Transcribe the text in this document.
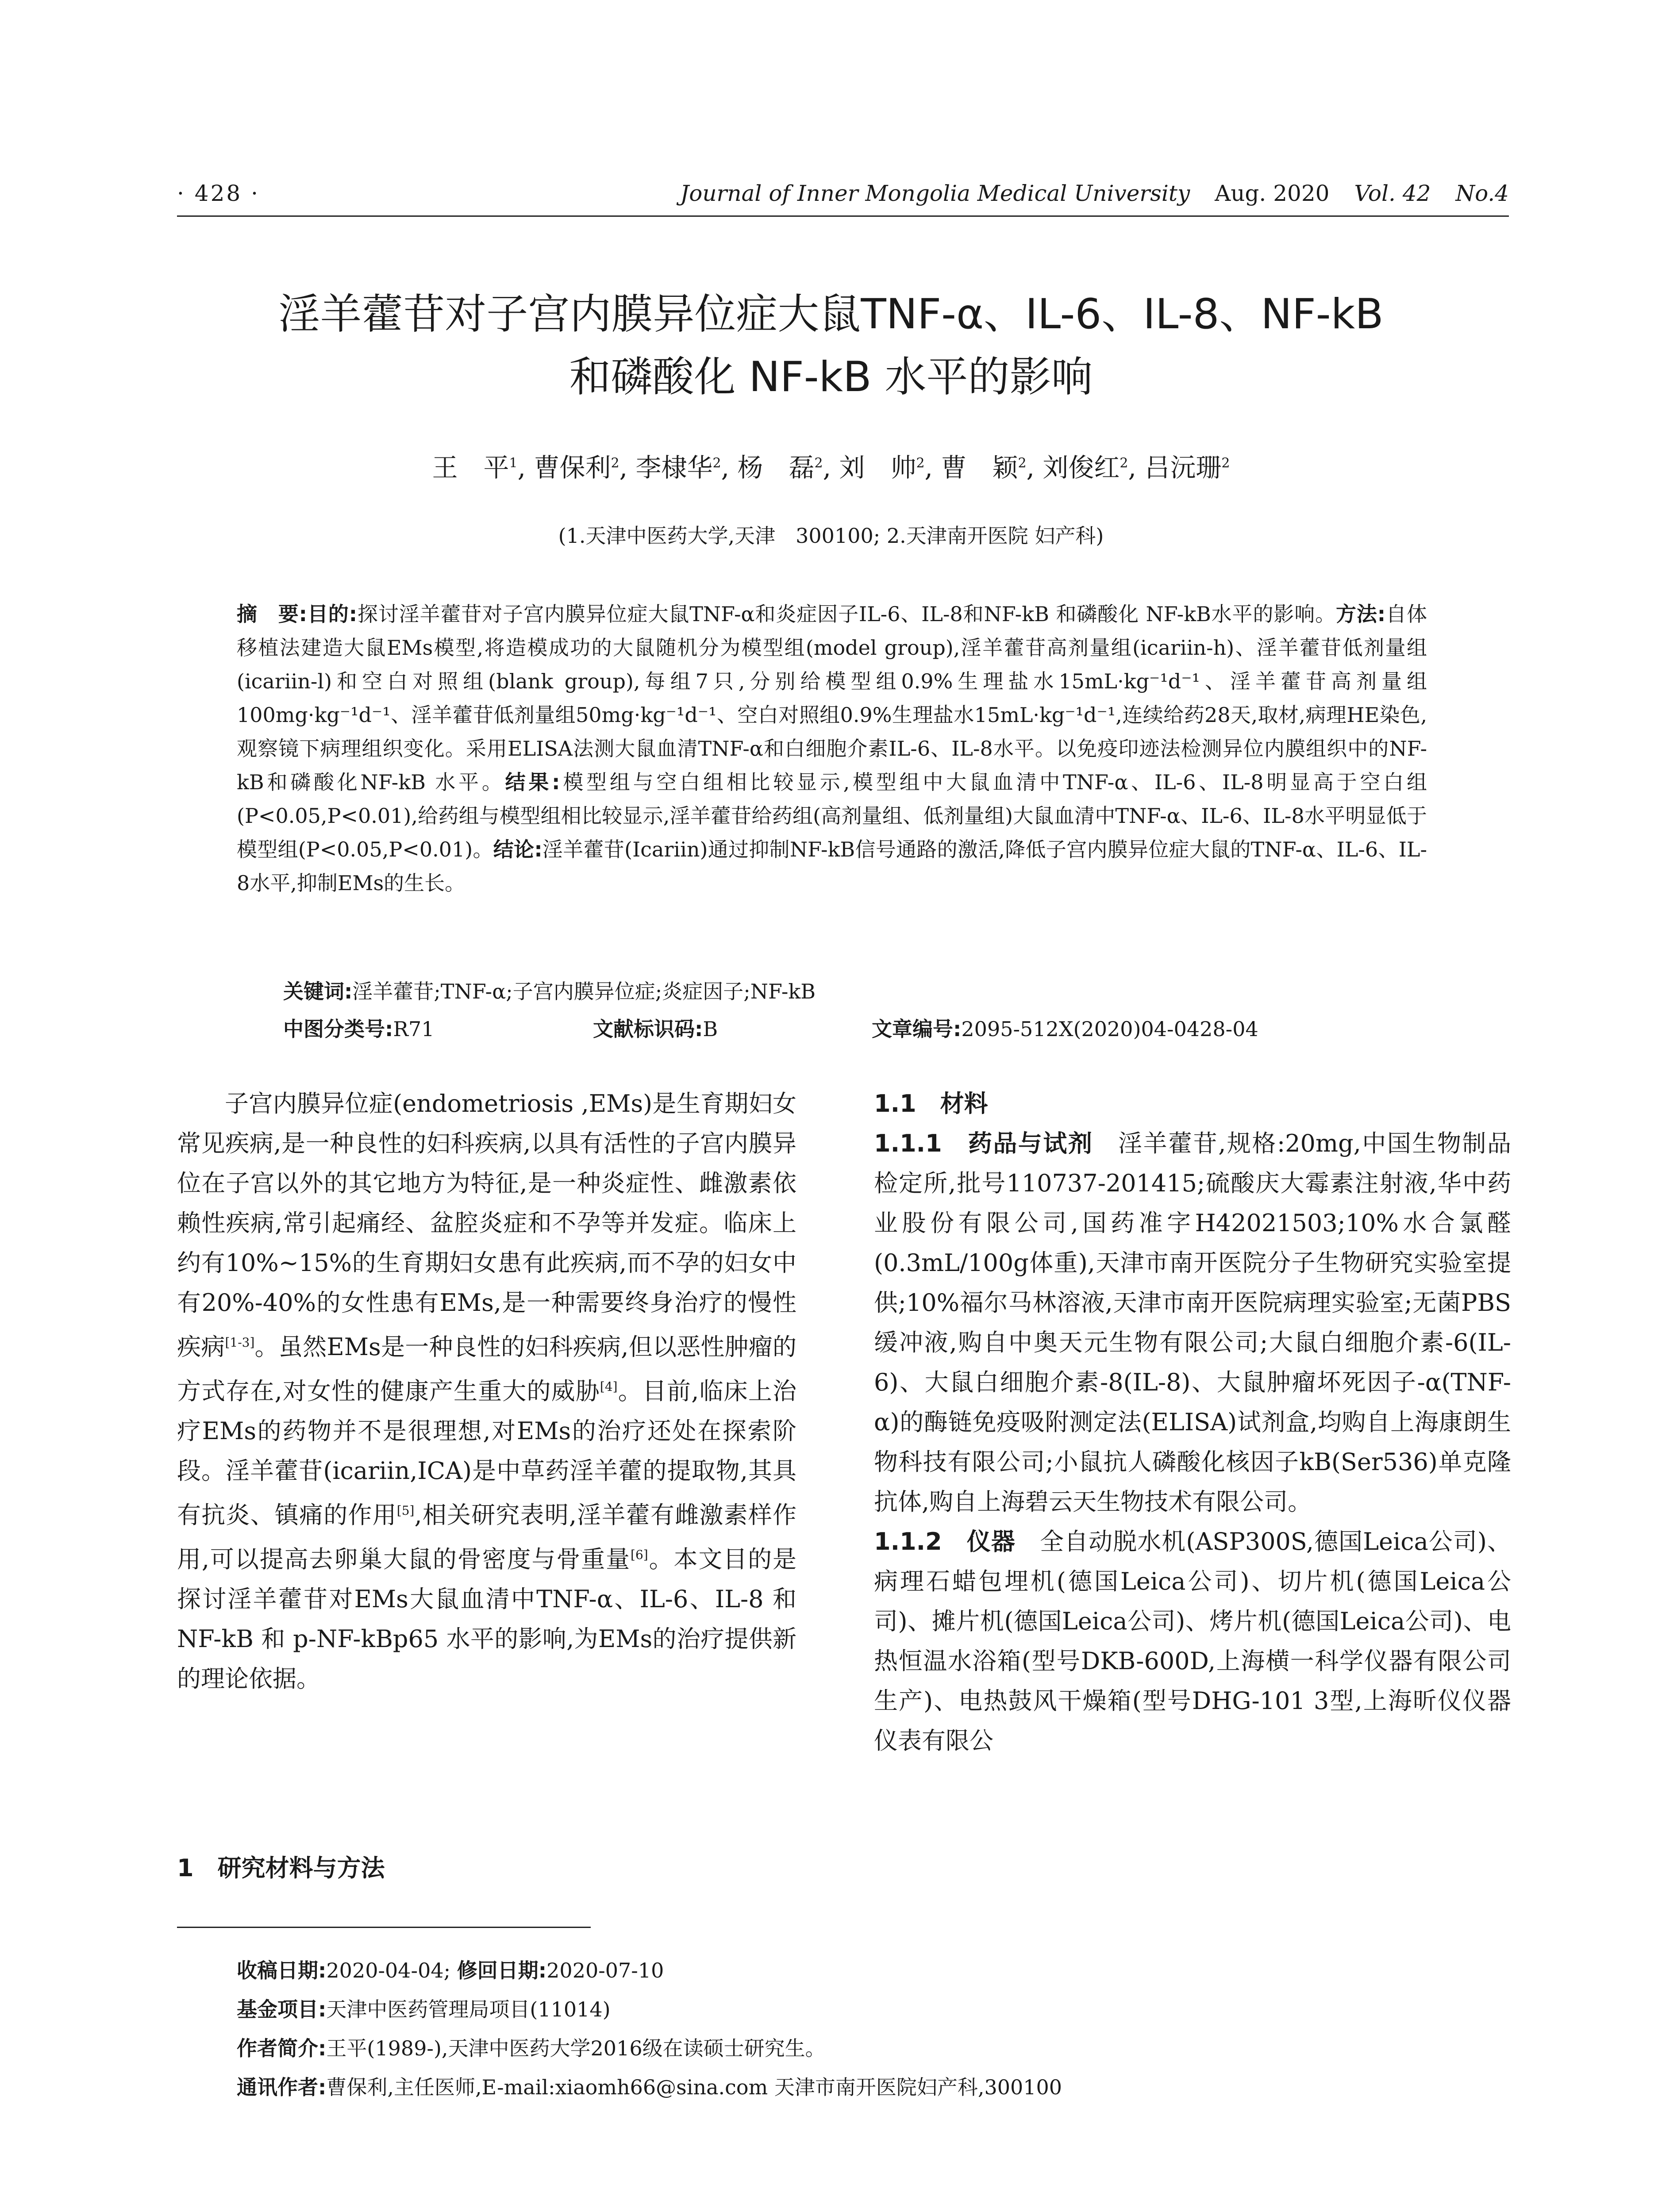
· 428 ·	Journal of Inner Mongolia Medical University Aug. 2020 Vol. 42 No.4
淫羊藿苷对子宫内膜异位症大鼠TNF-α、IL-6、IL-8、NF-kB
和磷酸化 NF-kB 水平的影响
王　平$^1$, 曹保利$^2$, 李棣华$^2$, 杨　磊$^2$, 刘　帅$^2$, 曹　颖$^2$, 刘俊红$^2$, 吕沅珊$^2$
(1.天津中医药大学,天津　300100; 2.天津南开医院 妇产科)
摘　要:目的:探讨淫羊藿苷对子宫内膜异位症大鼠TNF-α和炎症因子IL-6、IL-8和NF-kB 和磷酸化 NF-kB水平的影响。方法:自体移植法建造大鼠EMs模型,将造模成功的大鼠随机分为模型组(model group),淫羊藿苷高剂量组(icariin-h)、淫羊藿苷低剂量组(icariin-l)和空白对照组(blank group),每组7只,分别给模型组0.9%生理盐水15mL·kg⁻¹d⁻¹、淫羊藿苷高剂量组100mg·kg⁻¹d⁻¹、淫羊藿苷低剂量组50mg·kg⁻¹d⁻¹、空白对照组0.9%生理盐水15mL·kg⁻¹d⁻¹,连续给药28天,取材,病理HE染色,观察镜下病理组织变化。采用ELISA法测大鼠血清TNF-α和白细胞介素IL-6、IL-8水平。以免疫印迹法检测异位内膜组织中的NF-kB和磷酸化NF-kB 水平。结果:模型组与空白组相比较显示,模型组中大鼠血清中TNF-α、IL-6、IL-8明显高于空白组(P<0.05,P<0.01),给药组与模型组相比较显示,淫羊藿苷给药组(高剂量组、低剂量组)大鼠血清中TNF-α、IL-6、IL-8水平明显低于模型组(P<0.05,P<0.01)。结论:淫羊藿苷(Icariin)通过抑制NF-kB信号通路的激活,降低子宫内膜异位症大鼠的TNF-α、IL-6、IL-8水平,抑制EMs的生长。
关键词:淫羊藿苷;TNF-α;子宫内膜异位症;炎症因子;NF-kB
中图分类号:R71	文献标识码:B	文章编号:2095-512X(2020)04-0428-04

子宫内膜异位症(endometriosis ,EMs)是生育期妇女常见疾病,是一种良性的妇科疾病,以具有活性的子宫内膜异位在子宫以外的其它地方为特征,是一种炎症性、雌激素依赖性疾病,常引起痛经、盆腔炎症和不孕等并发症。临床上约有10%~15%的生育期妇女患有此疾病,而不孕的妇女中有20%-40%的女性患有EMs,是一种需要终身治疗的慢性疾病[1-3]。虽然EMs是一种良性的妇科疾病,但以恶性肿瘤的方式存在,对女性的健康产生重大的威胁[4]。目前,临床上治疗EMs的药物并不是很理想,对EMs的治疗还处在探索阶段。淫羊藿苷(icariin,ICA)是中草药淫羊藿的提取物,其具有抗炎、镇痛的作用[5],相关研究表明,淫羊藿有雌激素样作用,可以提高去卵巢大鼠的骨密度与骨重量[6]。本文目的是探讨淫羊藿苷对EMs大鼠血清中TNF-α、IL-6、IL-8 和 NF-kB 和 p-NF-kBp65 水平的影响,为EMs的治疗提供新的理论依据。

1　研究材料与方法
1.1　材料

1.1.1　 药品与试剂　 淫羊藿苷,规格:20mg,中国生物制品检定所,批号110737-201415;硫酸庆大霉素注射液,华中药业股份有限公司,国药准字H42021503;10%水合氯醛(0.3mL/100g体重),天津市南开医院分子生物研究实验室提供;10%福尔马林溶液,天津市南开医院病理实验室;无菌PBS缓冲液,购自中奥天元生物有限公司;大鼠白细胞介素-6(IL-6)、大鼠白细胞介素-8(IL-8)、大鼠肿瘤坏死因子-α(TNF-α)的酶链免疫吸附测定法(ELISA)试剂盒,均购自上海康朗生物科技有限公司;小鼠抗人磷酸化核因子kB(Ser536)单克隆抗体,购自上海碧云天生物技术有限公司。

1.1.2　 仪器　 全自动脱水机(ASP300S,德国Leica公司)、病理石蜡包埋机(德国Leica公司)、切片机(德国Leica公司)、摊片机(德国Leica公司)、烤片机(德国Leica公司)、电热恒温水浴箱(型号DKB-600D,上海横一科学仪器有限公司生产)、电热鼓风干燥箱(型号DHG-101 3型,上海昕仪仪器仪表有限公

收稿日期:2020-04-04; 修回日期:2020-07-10
基金项目:天津中医药管理局项目(11014)
作者简介:王平(1989-),天津中医药大学2016级在读硕士研究生。
通讯作者:曹保利,主任医师,E-mail:xiaomh66@sina.com 天津市南开医院妇产科,300100
